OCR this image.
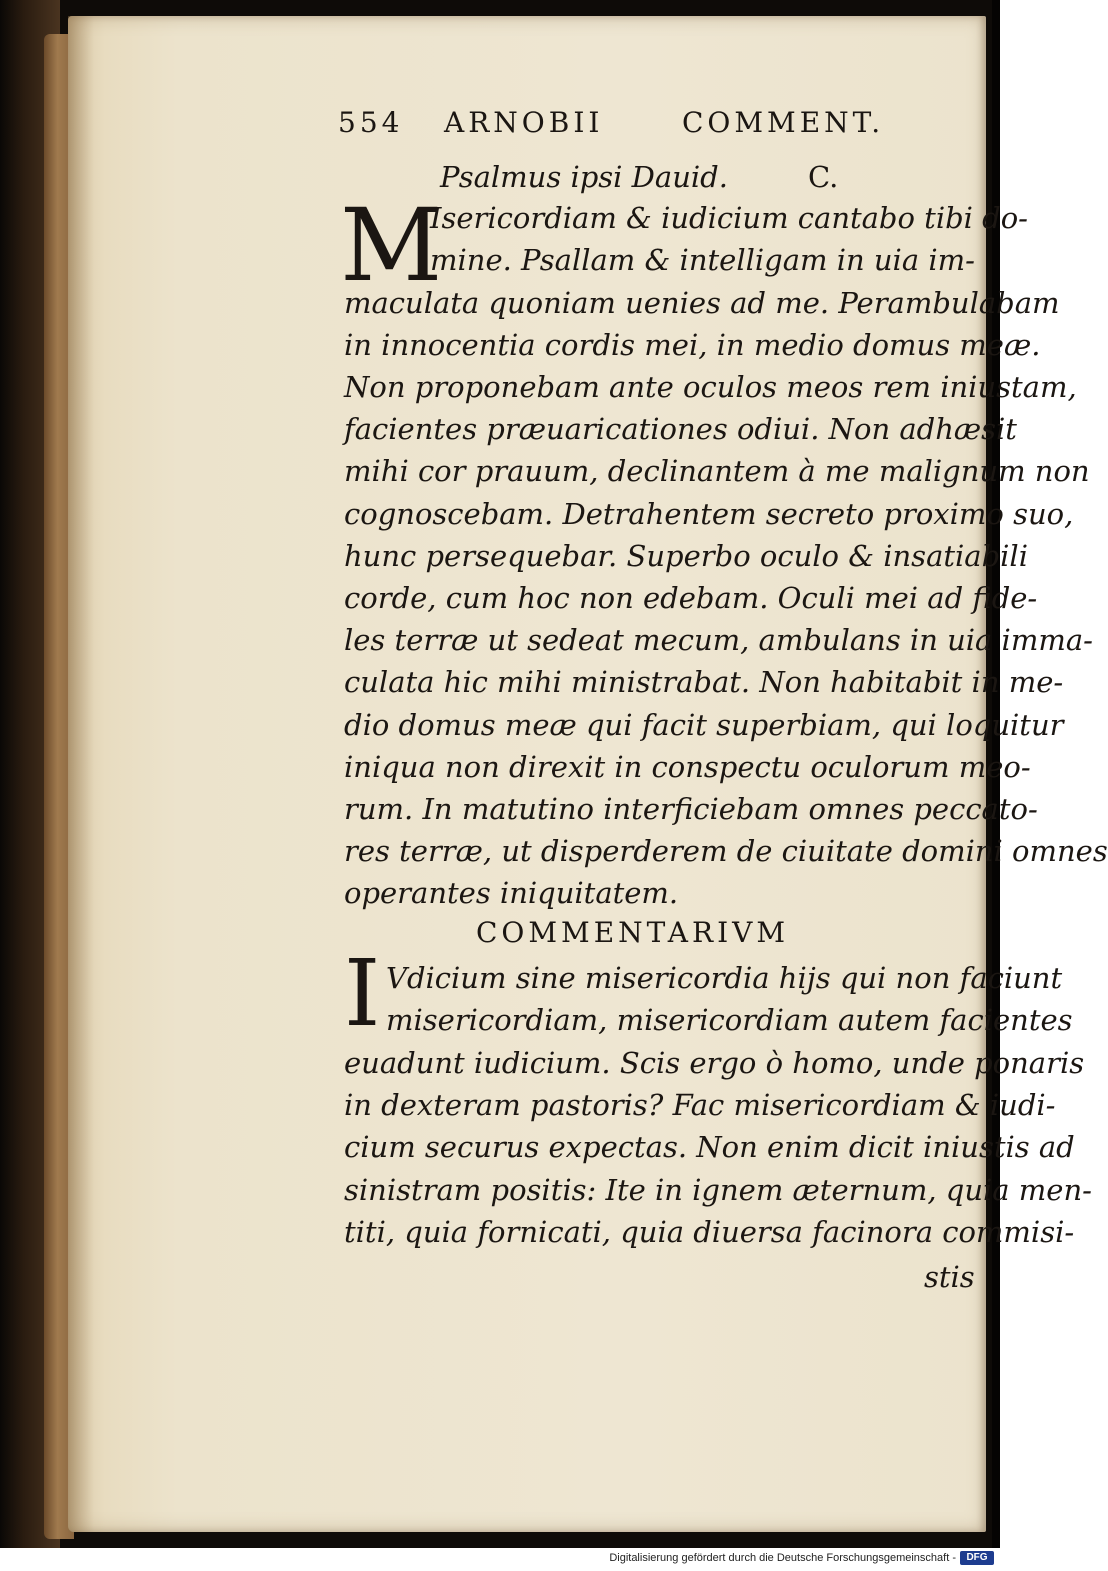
554 ARNOBII	COMMENT.
Psalmus ipsi Dauid.	C.
M
Isericordiam & iudicium cantabo tibi do-
mine. Psallam & intelligam in uia im-
maculata quoniam uenies ad me. Perambulabam
in innocentia cordis mei, in medio domus meæ.
Non proponebam ante oculos meos rem iniustam,
facientes præuaricationes odiui. Non adhæsit
mihi cor prauum, declinantem à me malignum non
cognoscebam. Detrahentem secreto proximo suo,
hunc persequebar. Superbo oculo & insatiabili
corde, cum hoc non edebam. Oculi mei ad fide-
les terræ ut sedeat mecum, ambulans in uia imma-
culata hic mihi ministrabat. Non habitabit in me-
dio domus meæ qui facit superbiam, qui loquitur
iniqua non direxit in conspectu oculorum meo-
rum. In matutino interficiebam omnes peccato-
res terræ, ut disperderem de ciuitate domini omnes
operantes iniquitatem.
COMMENTARIVM
I Vdicium sine misericordia hijs qui non faciunt
misericordiam, misericordiam autem facientes
euadunt iudicium. Scis ergo ò homo, unde ponaris
in dexteram pastoris? Fac misericordiam & iudi-
cium securus expectas. Non enim dicit iniustis ad
sinistram positis: Ite in ignem æternum, quia men-
titi, quia fornicati, quia diuersa facinora commisi-
stis
Digitalisierung gefördert durch die Deutsche Forschungsgemeinschaft -	DFG
